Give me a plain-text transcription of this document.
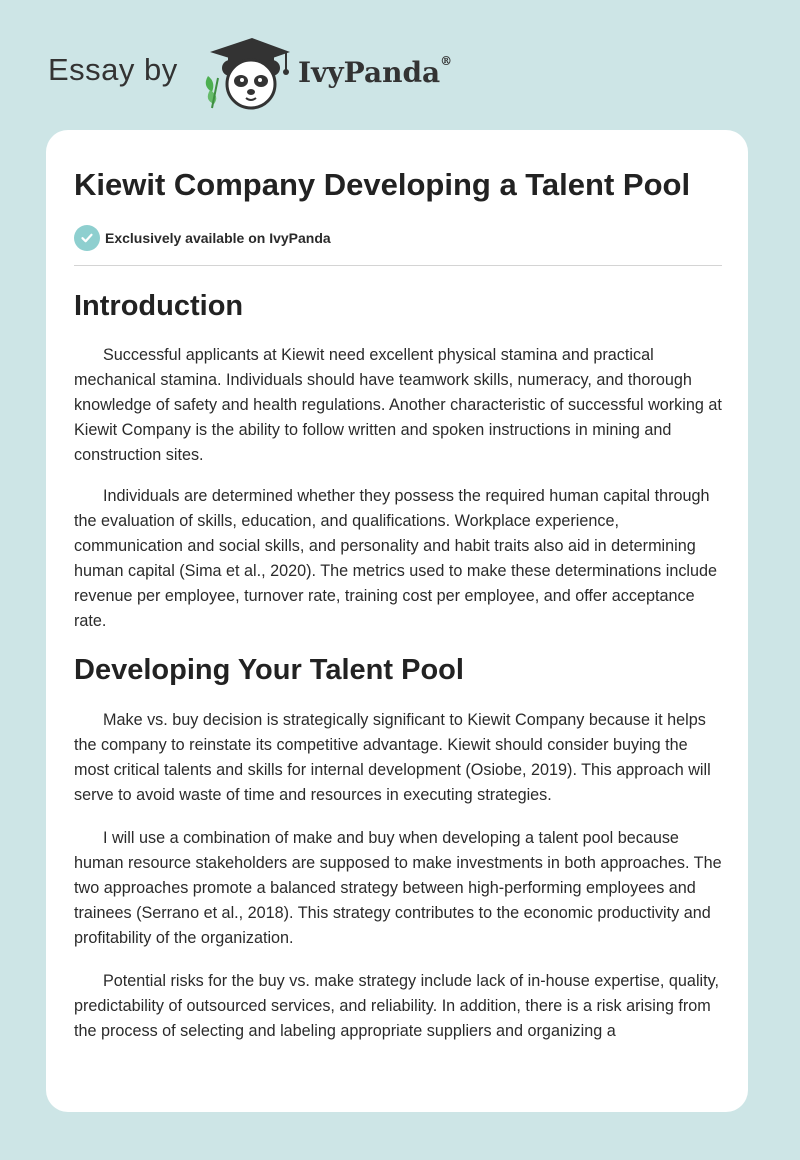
Essay by	IvyPanda®
Kiewit Company Developing a Talent Pool
Exclusively available on IvyPanda
Introduction

Successful applicants at Kiewit need excellent physical stamina and practical mechanical stamina. Individuals should have teamwork skills, numeracy, and thorough knowledge of safety and health regulations. Another characteristic of successful working at Kiewit Company is the ability to follow written and spoken instructions in mining and construction sites.

Individuals are determined whether they possess the required human capital through the evaluation of skills, education, and qualifications. Workplace experience, communication and social skills, and personality and habit traits also aid in determining human capital (Sima et al., 2020). The metrics used to make these determinations include revenue per employee, turnover rate, training cost per employee, and offer acceptance rate.

Developing Your Talent Pool

Make vs. buy decision is strategically significant to Kiewit Company because it helps the company to reinstate its competitive advantage. Kiewit should consider buying the most critical talents and skills for internal development (Osiobe, 2019). This approach will serve to avoid waste of time and resources in executing strategies.

I will use a combination of make and buy when developing a talent pool because human resource stakeholders are supposed to make investments in both approaches. The two approaches promote a balanced strategy between high-performing employees and trainees (Serrano et al., 2018). This strategy contributes to the economic productivity and profitability of the organization.

Potential risks for the buy vs. make strategy include lack of in-house expertise, quality, predictability of outsourced services, and reliability. In addition, there is a risk arising from the process of selecting and labeling appropriate suppliers and organizing a
